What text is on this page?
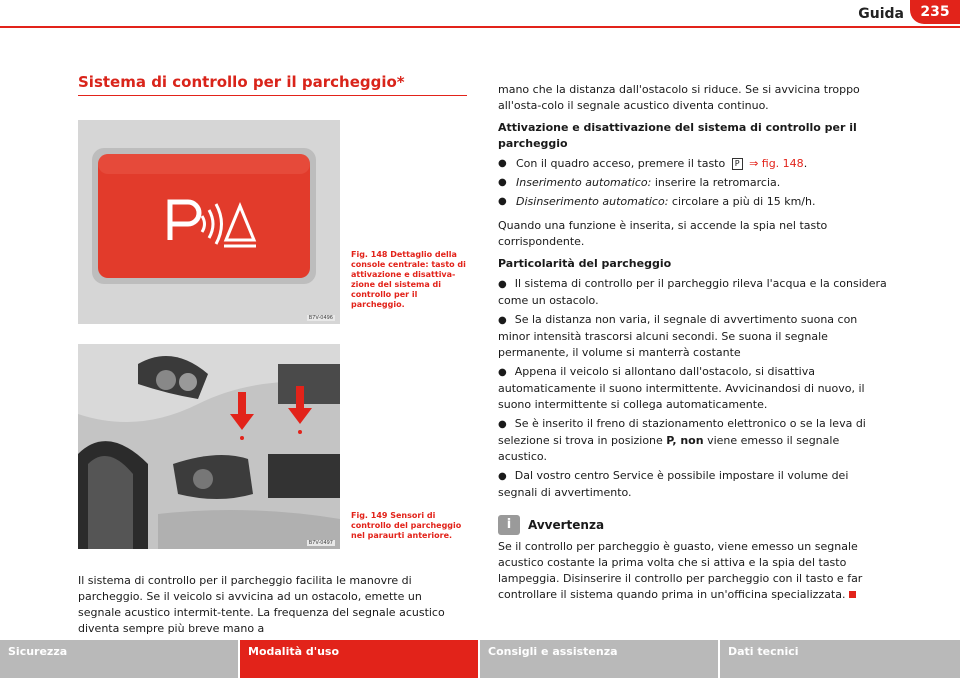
Guida	235
Sistema di controllo per il parcheggio*
B7V-0496
Fig. 148 Dettaglio della console centrale: tasto di attivazione e disattiva-zione del sistema di controllo per il parcheggio.
B7V-0497
Fig. 149 Sensori di controllo del parcheggio nel paraurti anteriore.
Il sistema di controllo per il parcheggio facilita le manovre di parcheggio. Se il veicolo si avvicina ad un ostacolo, emette un segnale acustico intermit-tente. La frequenza del segnale acustico diventa sempre più breve mano a

mano che la distanza dall'ostacolo si riduce. Se si avvicina troppo all'osta-colo il segnale acustico diventa continuo.

Attivazione e disattivazione del sistema di controllo per il parcheggio

● Con il quadro acceso, premere il tasto P ⇒ fig. 148.
● Inserimento automatico: inserire la retromarcia.
● Disinserimento automatico: circolare a più di 15 km/h.

Quando una funzione è inserita, si accende la spia nel tasto corrispondente.

Particolarità del parcheggio

● Il sistema di controllo per il parcheggio rileva l'acqua e la considera come un ostacolo.
● Se la distanza non varia, il segnale di avvertimento suona con minor intensità trascorsi alcuni secondi. Se suona il segnale permanente, il volume si manterrà costante
● Appena il veicolo si allontano dall'ostacolo, si disattiva automaticamente il suono intermittente. Avvicinandosi di nuovo, il suono intermittente si collega automaticamente.
● Se è inserito il freno di stazionamento elettronico o se la leva di selezione si trova in posizione P, non viene emesso il segnale acustico.
● Dal vostro centro Service è possibile impostare il volume dei segnali di avvertimento.
i	Avvertenza
Se il controllo per parcheggio è guasto, viene emesso un segnale acustico costante la prima volta che si attiva e la spia del tasto lampeggia. Disinserire il controllo per parcheggio con il tasto e far controllare il sistema quando prima in un'officina specializzata.
Sicurezza	Modalità d'uso	Consigli e assistenza	Dati tecnici
